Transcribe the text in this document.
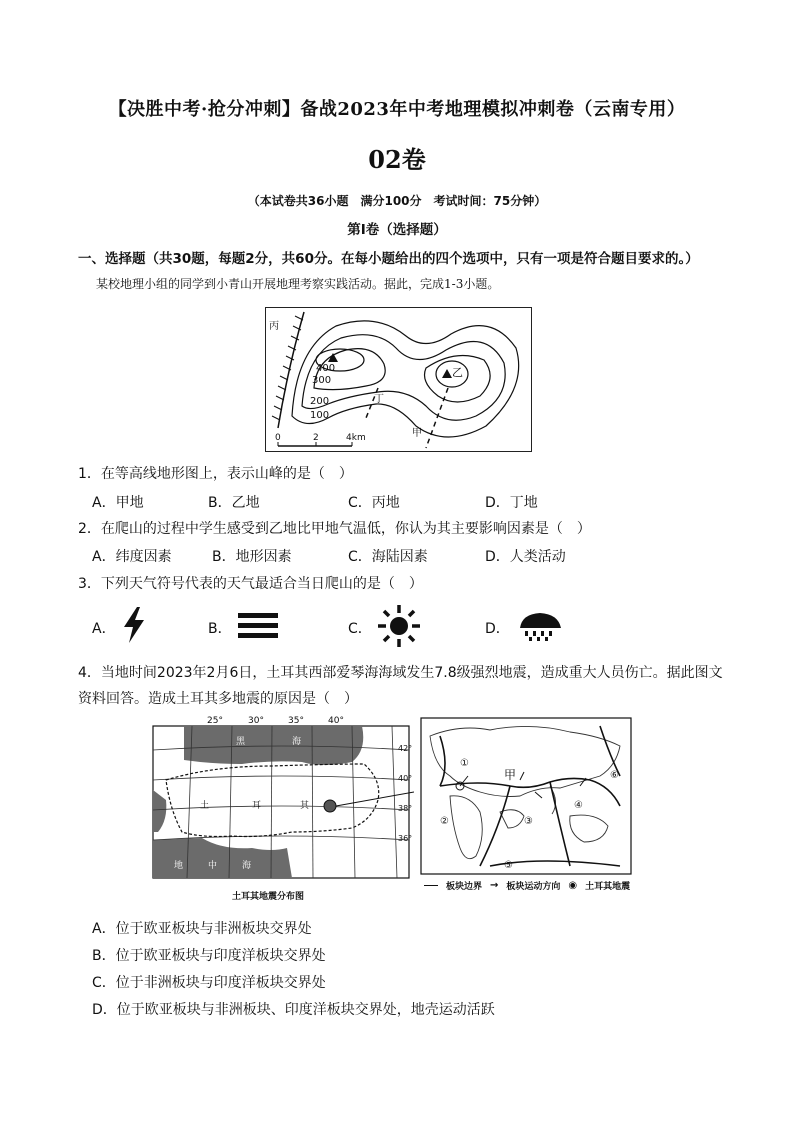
【决胜中考·抢分冲刺】备战2023年中考地理模拟冲刺卷（云南专用）
02卷
（本试卷共36小题　满分100分　考试时间：75分钟）
第Ⅰ卷（选择题）
一、选择题（共30题，每题2分，共60分。在每小题给出的四个选项中，只有一项是符合题目要求的。）
某校地理小组的同学到小青山开展地理考察实践活动。据此，完成1-3小题。
丙
乙
丁
甲
400
300
200
100
0	2	4km
1．在等高线地形图上，表示山峰的是（　）
A．甲地	B．乙地	C．丙地	D．丁地
2．在爬山的过程中学生感受到乙地比甲地气温低，你认为其主要影响因素是（　）
A．纬度因素	B．地形因素	C．海陆因素	D．人类活动
3．下列天气符号代表的天气最适合当日爬山的是（　）
A．	B．	C．	D．
4．当地时间2023年2月6日，土耳其西部爱琴海海域发生7.8级强烈地震，造成重大人员伤亡。据此图文
资料回答。造成土耳其多地震的原因是（　）
25°	30°	35°	40°
42°
40°
38°
36°
黑	海
土	耳	其
地	中	海
土耳其地震分布图
①
②	③
④
⑤
⑥
甲
板块边界 → 板块运动方向 ◉ 土耳其地震
A．位于欧亚板块与非洲板块交界处
B．位于欧亚板块与印度洋板块交界处
C．位于非洲板块与印度洋板块交界处
D．位于欧亚板块与非洲板块、印度洋板块交界处，地壳运动活跃
